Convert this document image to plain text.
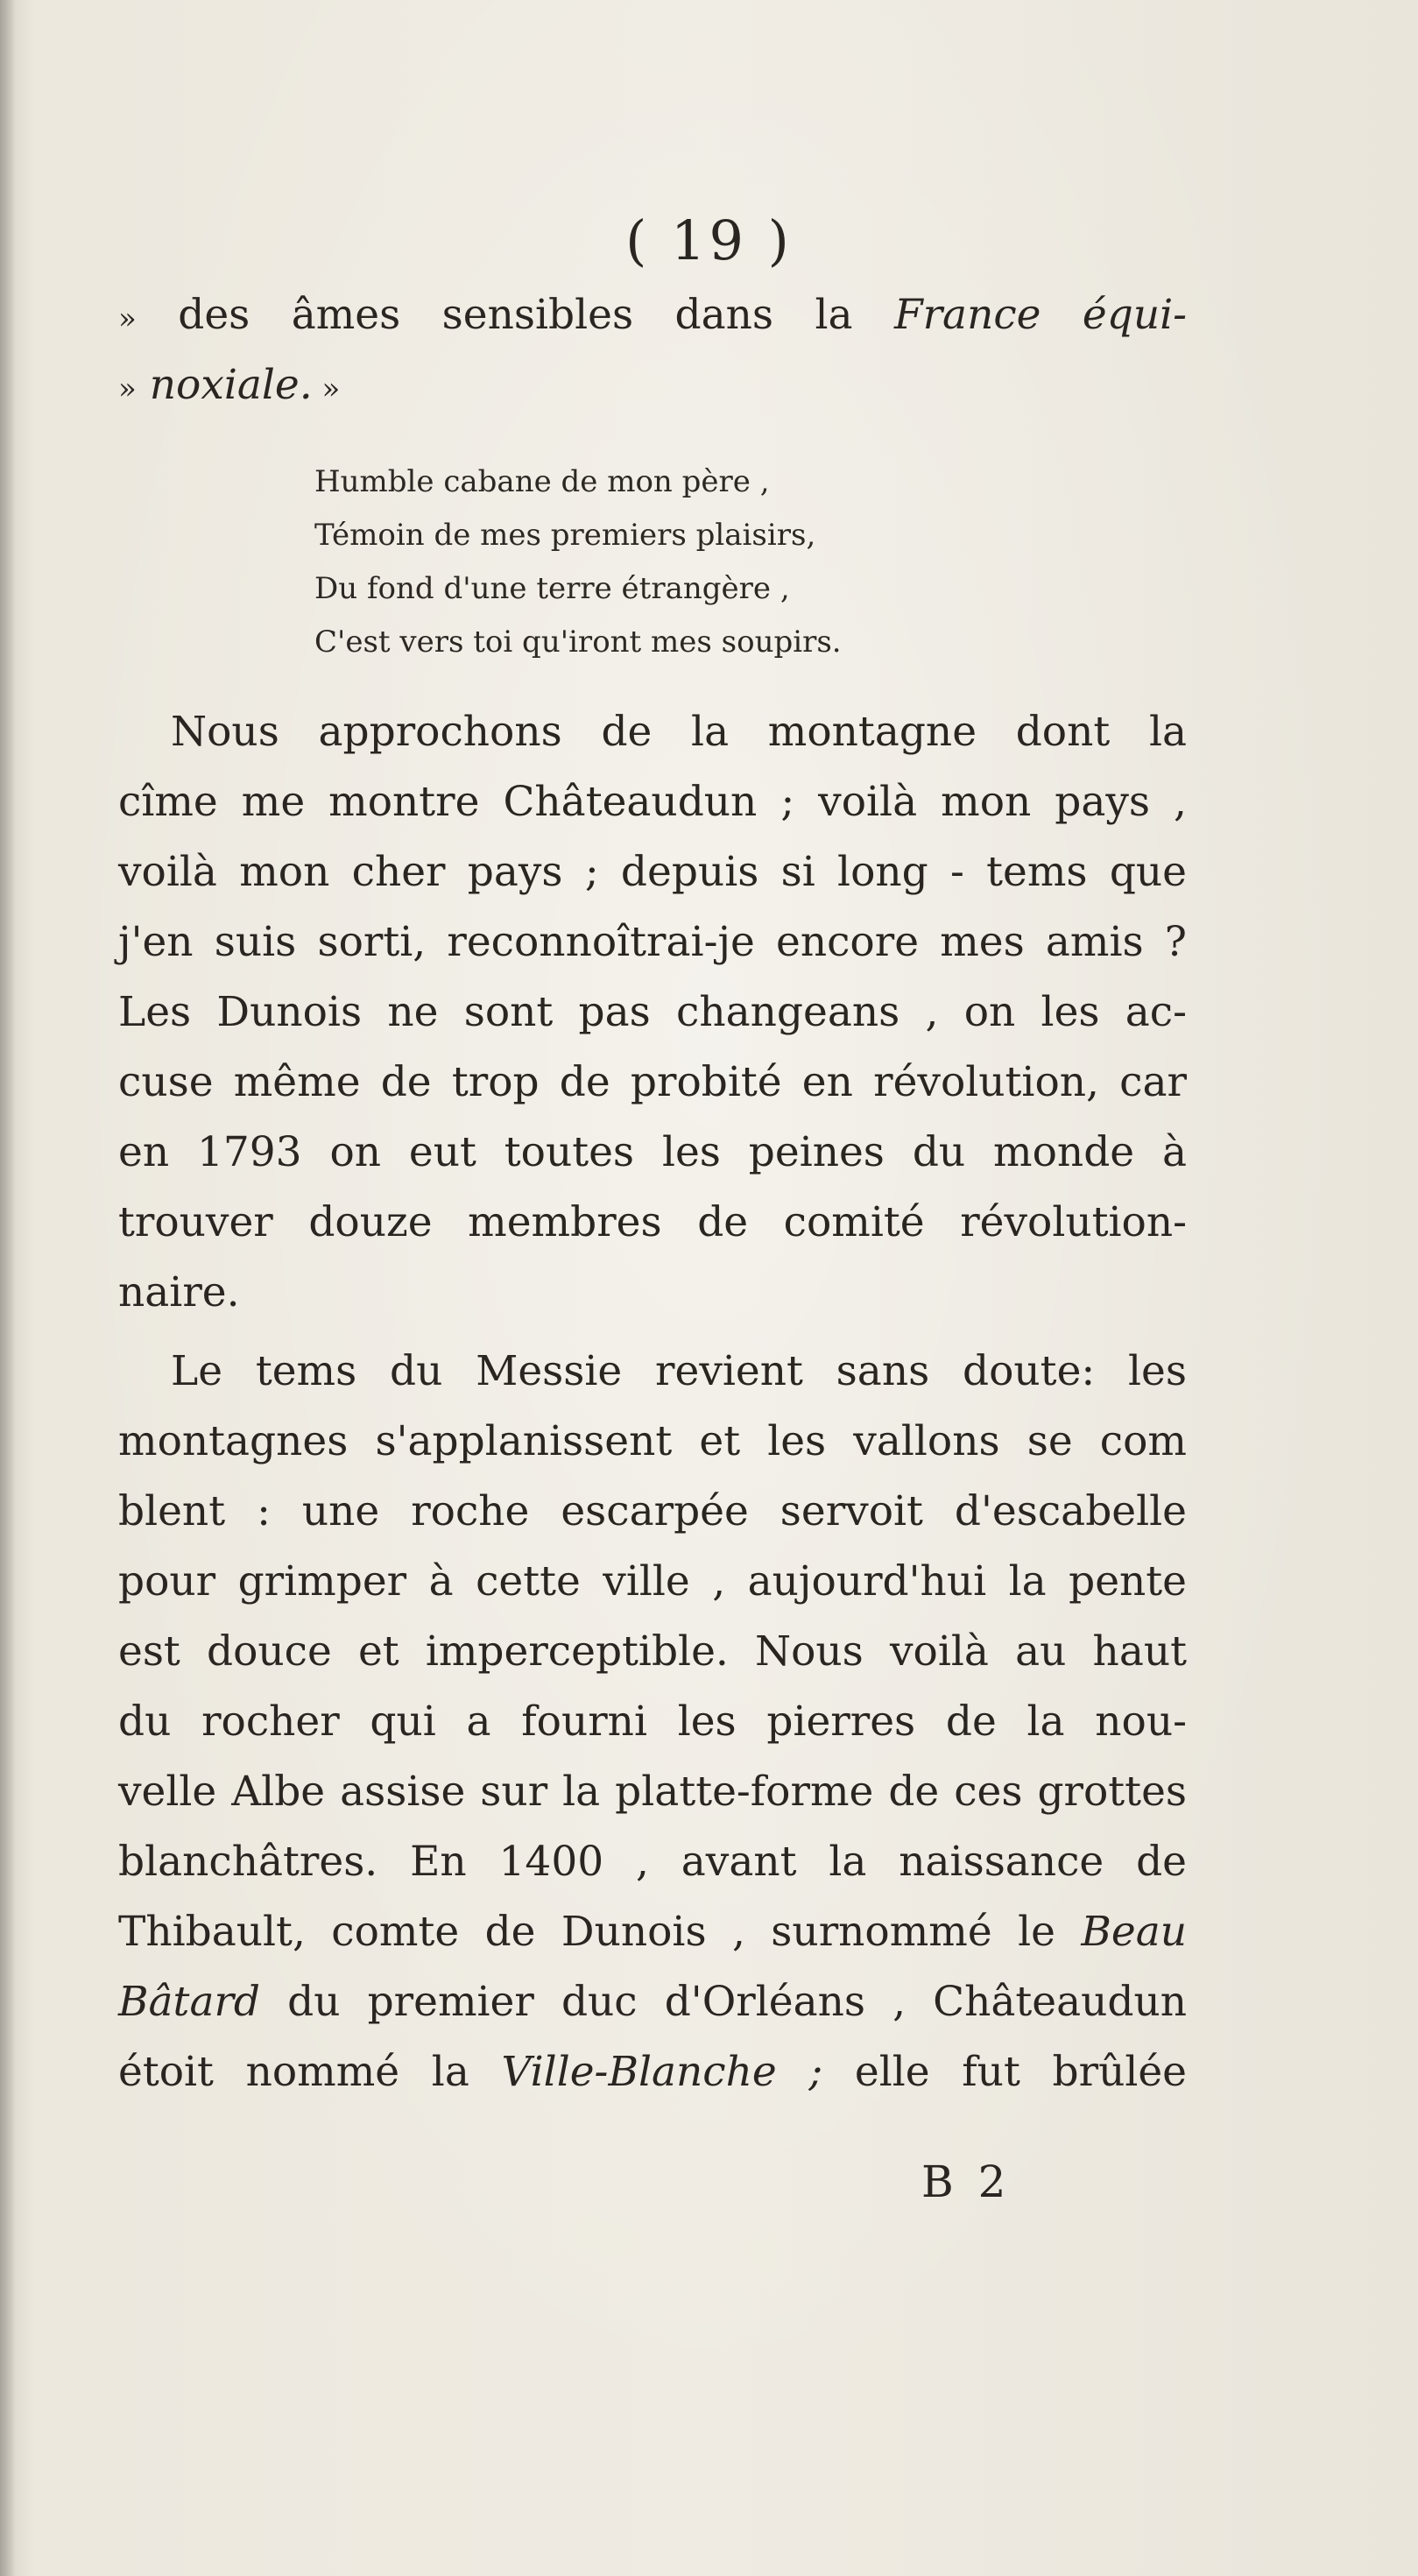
( 19 )
» des âmes sensibles dans la France équi-
» noxiale. »
Humble cabane de mon père ,
Témoin de mes premiers plaisirs,
Du fond d'une terre étrangère ,
C'est vers toi qu'iront mes soupirs.
Nous approchons de la montagne dont la
cîme me montre Châteaudun ; voilà mon pays ,
voilà mon cher pays ; depuis si long - tems que
j'en suis sorti, reconnoîtrai-je encore mes amis ?
Les Dunois ne sont pas changeans , on les ac-
cuse même de trop de probité en révolution, car
en 1793 on eut toutes les peines du monde à
trouver douze membres de comité révolution-
naire.
Le tems du Messie revient sans doute: les
montagnes s'applanissent et les vallons se com
blent : une roche escarpée servoit d'escabelle
pour grimper à cette ville , aujourd'hui la pente
est douce et imperceptible. Nous voilà au haut
du rocher qui a fourni les pierres de la nou-
velle Albe assise sur la platte-forme de ces grottes
blanchâtres. En 1400 , avant la naissance de
Thibault, comte de Dunois , surnommé le Beau
Bâtard du premier duc d'Orléans , Châteaudun
étoit nommé la Ville-Blanche ; elle fut brûlée
B 2
